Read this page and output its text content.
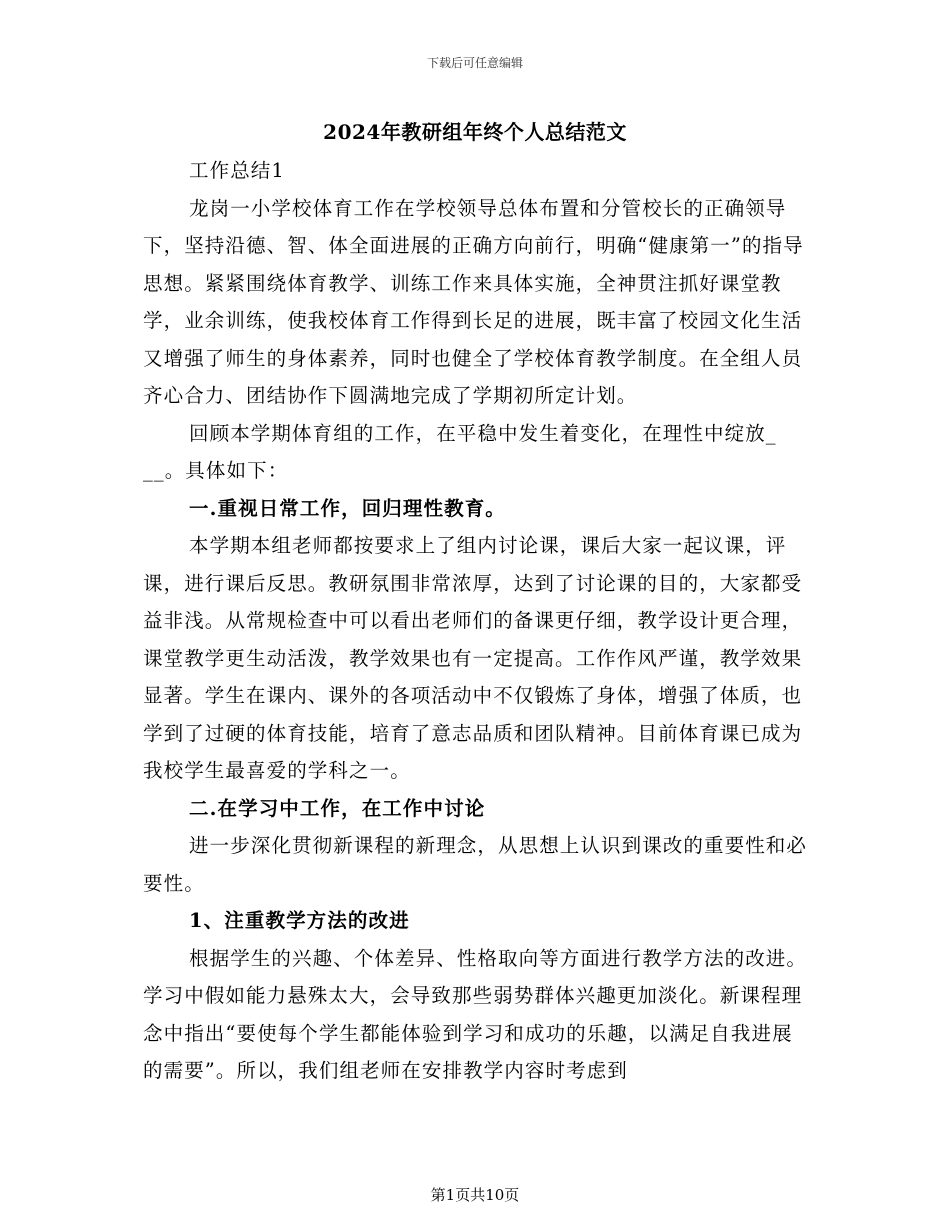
下载后可任意编辑
2024年教研组年终个人总结范文

工作总结1

龙岗一小学校体育工作在学校领导总体布置和分管校长的正确领导下，坚持沿德、智、体全面进展的正确方向前行，明确“健康第一”的指导思想。紧紧围绕体育教学、训练工作来具体实施，全神贯注抓好课堂教学，业余训练，使我校体育工作得到长足的进展，既丰富了校园文化生活又增强了师生的身体素养，同时也健全了学校体育教学制度。在全组人员齐心合力、团结协作下圆满地完成了学期初所定计划。

回顾本学期体育组的工作，在平稳中发生着变化，在理性中绽放_ __。具体如下：

一.重视日常工作，回归理性教育。

本学期本组老师都按要求上了组内讨论课，课后大家一起议课，评课，进行课后反思。教研氛围非常浓厚，达到了讨论课的目的，大家都受益非浅。从常规检查中可以看出老师们的备课更仔细，教学设计更合理，课堂教学更生动活泼，教学效果也有一定提高。工作作风严谨，教学效果显著。学生在课内、课外的各项活动中不仅锻炼了身体，增强了体质，也学到了过硬的体育技能，培育了意志品质和团队精神。目前体育课已成为我校学生最喜爱的学科之一。

二.在学习中工作，在工作中讨论

进一步深化贯彻新课程的新理念，从思想上认识到课改的重要性和必要性。

1、注重教学方法的改进

根据学生的兴趣、个体差异、性格取向等方面进行教学方法的改进。学习中假如能力悬殊太大，会导致那些弱势群体兴趣更加淡化。新课程理念中指出“要使每个学生都能体验到学习和成功的乐趣，以满足自我进展的需要”。所以，我们组老师在安排教学内容时考虑到

第1页共10页
